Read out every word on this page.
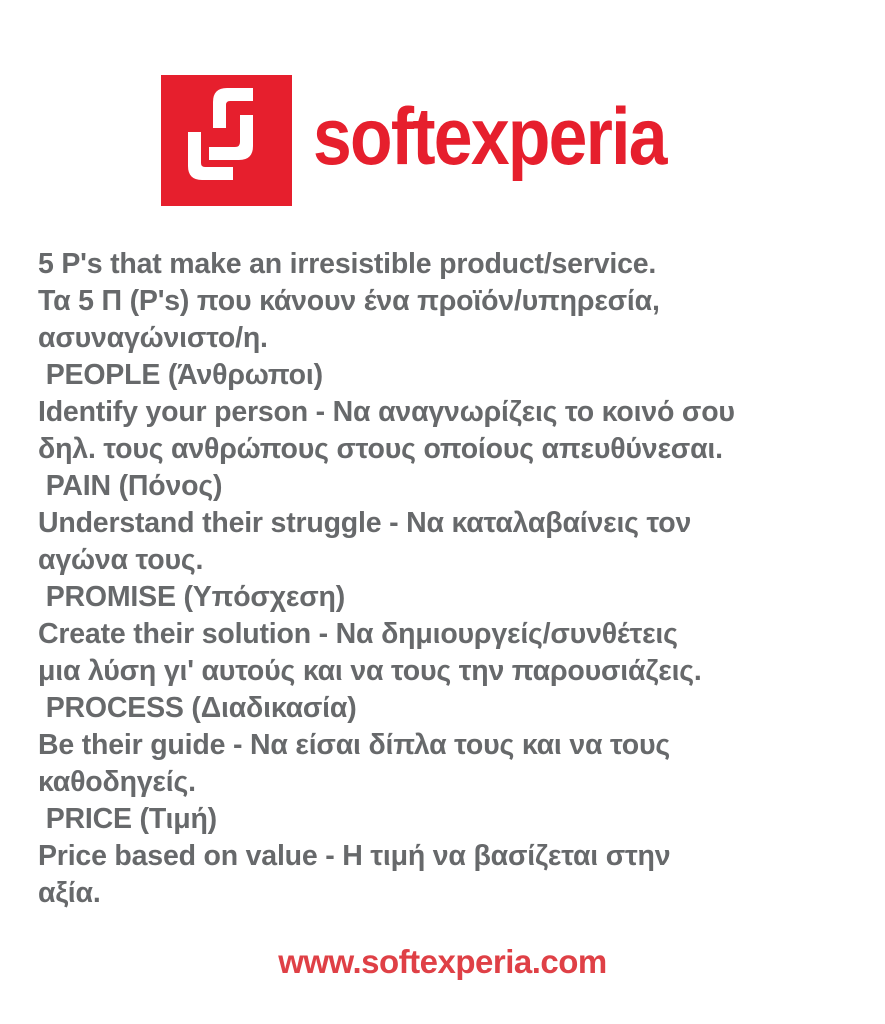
softexperia
5 P's that make an irresistible product/service.
Τα 5 Π (P's) που κάνουν ένα προϊόν/υπηρεσία,
ασυναγώνιστο/η.
PEOPLE (Άνθρωποι)
Identify your person - Να αναγνωρίζεις το κοινό σου
δηλ. τους ανθρώπους στους οποίους απευθύνεσαι.
PAIN (Πόνος)
Understand their struggle - Να καταλαβαίνεις τον
αγώνα τους.
PROMISE (Υπόσχεση)
Create their solution - Να δημιουργείς/συνθέτεις
μια λύση γι' αυτούς και να τους την παρουσιάζεις.
PROCESS (Διαδικασία)
Be their guide - Να είσαι δίπλα τους και να τους
καθοδηγείς.
PRICE (Τιμή)
Price based on value - Η τιμή να βασίζεται στην
αξία.
www.softexperia.com
